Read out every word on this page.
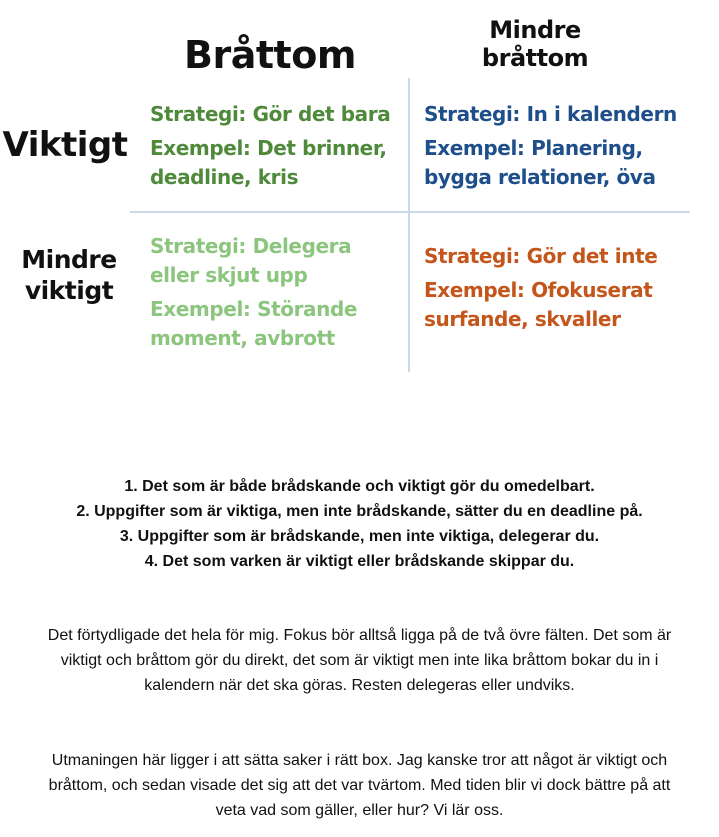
Bråttom
Mindre
bråttom
Viktigt
Mindre
viktigt

Strategi: Gör det bara

Exempel: Det brinner,
deadline, kris

Strategi: In i kalendern

Exempel: Planering,
bygga relationer, öva

Strategi: Delegera
eller skjut upp

Exempel: Störande
moment, avbrott

Strategi: Gör det inte

Exempel: Ofokuserat
surfande, skvaller

1. Det som är både brådskande och viktigt gör du omedelbart.
2. Uppgifter som är viktiga, men inte brådskande, sätter du en deadline på.
3. Uppgifter som är brådskande, men inte viktiga, delegerar du.
4. Det som varken är viktigt eller brådskande skippar du.

Det förtydligade det hela för mig. Fokus bör alltså ligga på de två övre fälten. Det som är viktigt och bråttom gör du direkt, det som är viktigt men inte lika bråttom bokar du in i kalendern när det ska göras. Resten delegeras eller undviks.

Utmaningen här ligger i att sätta saker i rätt box. Jag kanske tror att något är viktigt och bråttom, och sedan visade det sig att det var tvärtom. Med tiden blir vi dock bättre på att veta vad som gäller, eller hur? Vi lär oss.
